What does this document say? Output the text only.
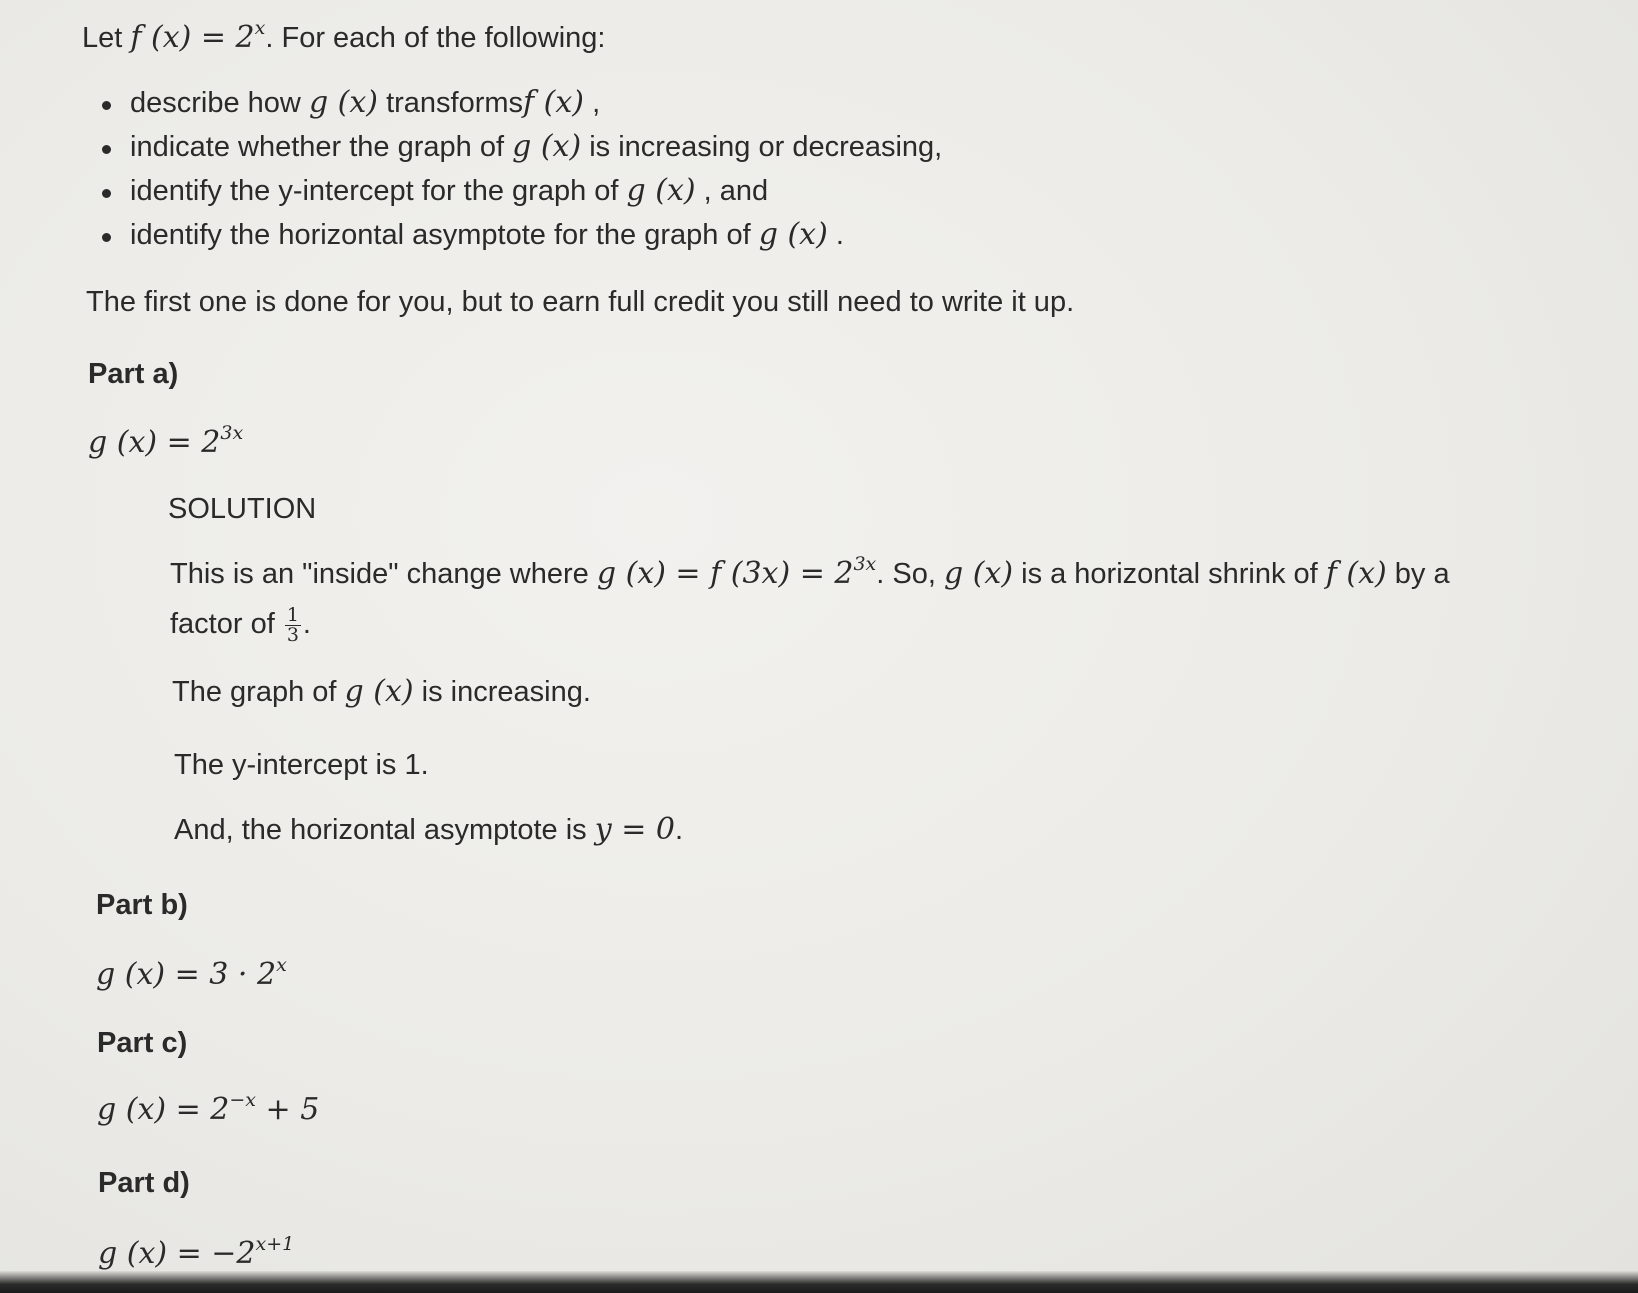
Let f $(x) = 2^x$. For each of the following:
describe how g (x) transformsf (x) ,
indicate whether the graph of g (x) is increasing or decreasing,
identify the y-intercept for the graph of g (x) , and
identify the horizontal asymptote for the graph of g (x) .
The first one is done for you, but to earn full credit you still need to write it up.
Part a)
g $(x) = 2^{3x}$
SOLUTION
This is an "inside" change where g (x) = f $(3x) = 2^{3x}$. So, g (x) is a horizontal shrink of f (x) by a
factor of $\frac{1}{3}$ .
The graph of g (x) is increasing.
The y-intercept is 1.
And, the horizontal asymptote is y = 0.
Part b)
g $(x) = 3 \cdot 2^x$
Part c)
g $(x) = 2^{-x} + 5$
Part d)
g $(x) = -2^{x+1}$
